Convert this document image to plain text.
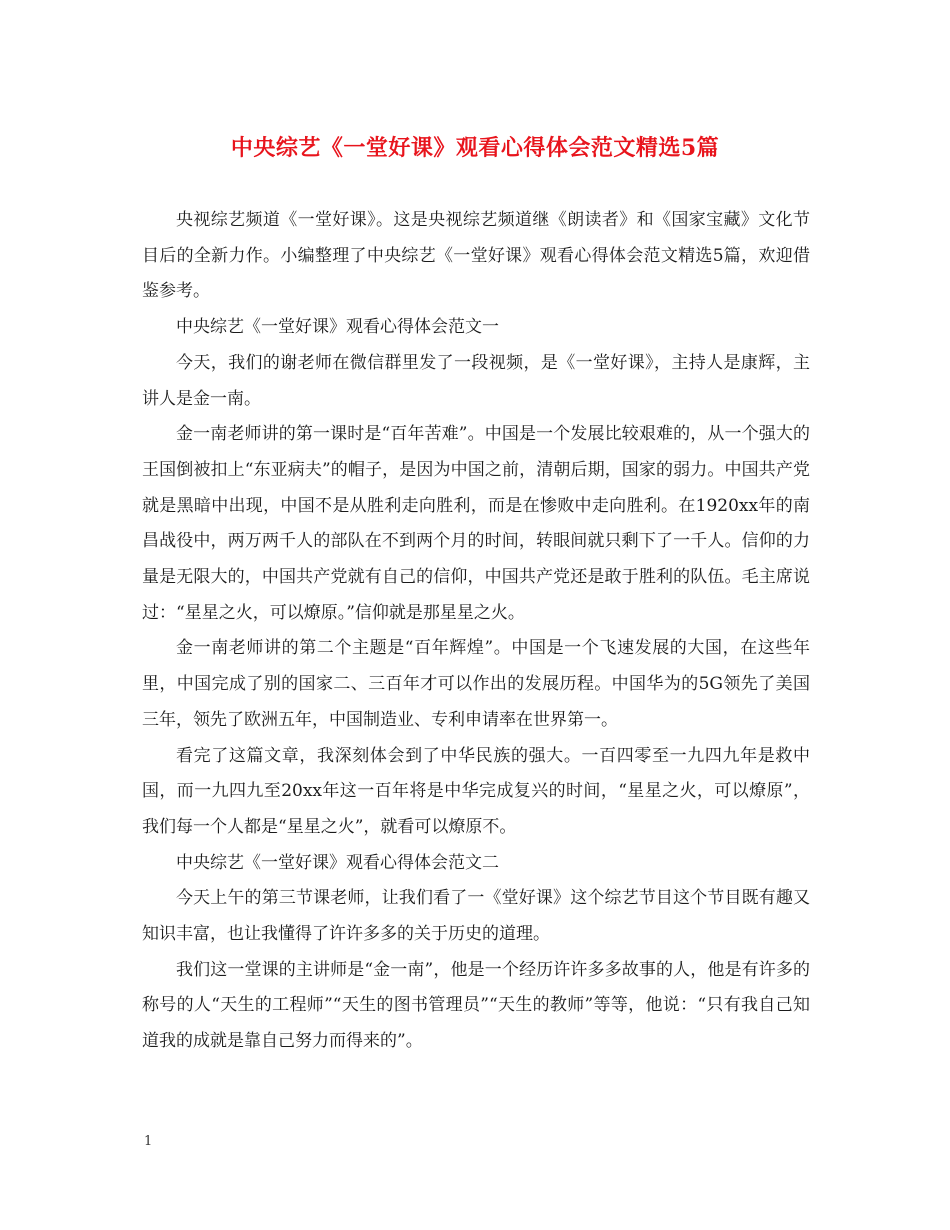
中央综艺《一堂好课》观看心得体会范文精选5篇

央视综艺频道《一堂好课》。这是央视综艺频道继《朗读者》和《国家宝藏》文化节目后的全新力作。小编整理了中央综艺《一堂好课》观看心得体会范文精选5篇，欢迎借鉴参考。

中央综艺《一堂好课》观看心得体会范文一

今天，我们的谢老师在微信群里发了一段视频，是《一堂好课》，主持人是康辉，主讲人是金一南。

金一南老师讲的第一课时是“百年苦难”。中国是一个发展比较艰难的，从一个强大的王国倒被扣上“东亚病夫”的帽子，是因为中国之前，清朝后期，国家的弱力。中国共产党就是黑暗中出现，中国不是从胜利走向胜利，而是在惨败中走向胜利。在1920xx年的南昌战役中，两万两千人的部队在不到两个月的时间，转眼间就只剩下了一千人。信仰的力量是无限大的，中国共产党就有自己的信仰，中国共产党还是敢于胜利的队伍。毛主席说过：“星星之火，可以燎原。”信仰就是那星星之火。

金一南老师讲的第二个主题是“百年辉煌”。中国是一个飞速发展的大国，在这些年里，中国完成了别的国家二、三百年才可以作出的发展历程。中国华为的5G领先了美国三年，领先了欧洲五年，中国制造业、专利申请率在世界第一。

看完了这篇文章，我深刻体会到了中华民族的强大。一百四零至一九四九年是救中国，而一九四九至20xx年这一百年将是中华完成复兴的时间，“星星之火，可以燎原”，我们每一个人都是“星星之火”，就看可以燎原不。

中央综艺《一堂好课》观看心得体会范文二

今天上午的第三节课老师，让我们看了一《堂好课》这个综艺节目这个节目既有趣又知识丰富，也让我懂得了许许多多的关于历史的道理。

我们这一堂课的主讲师是“金一南”，他是一个经历许许多多故事的人，他是有许多的称号的人“天生的工程师”“天生的图书管理员”“天生的教师”等等，他说：“只有我自己知道我的成就是靠自己努力而得来的”。

1
